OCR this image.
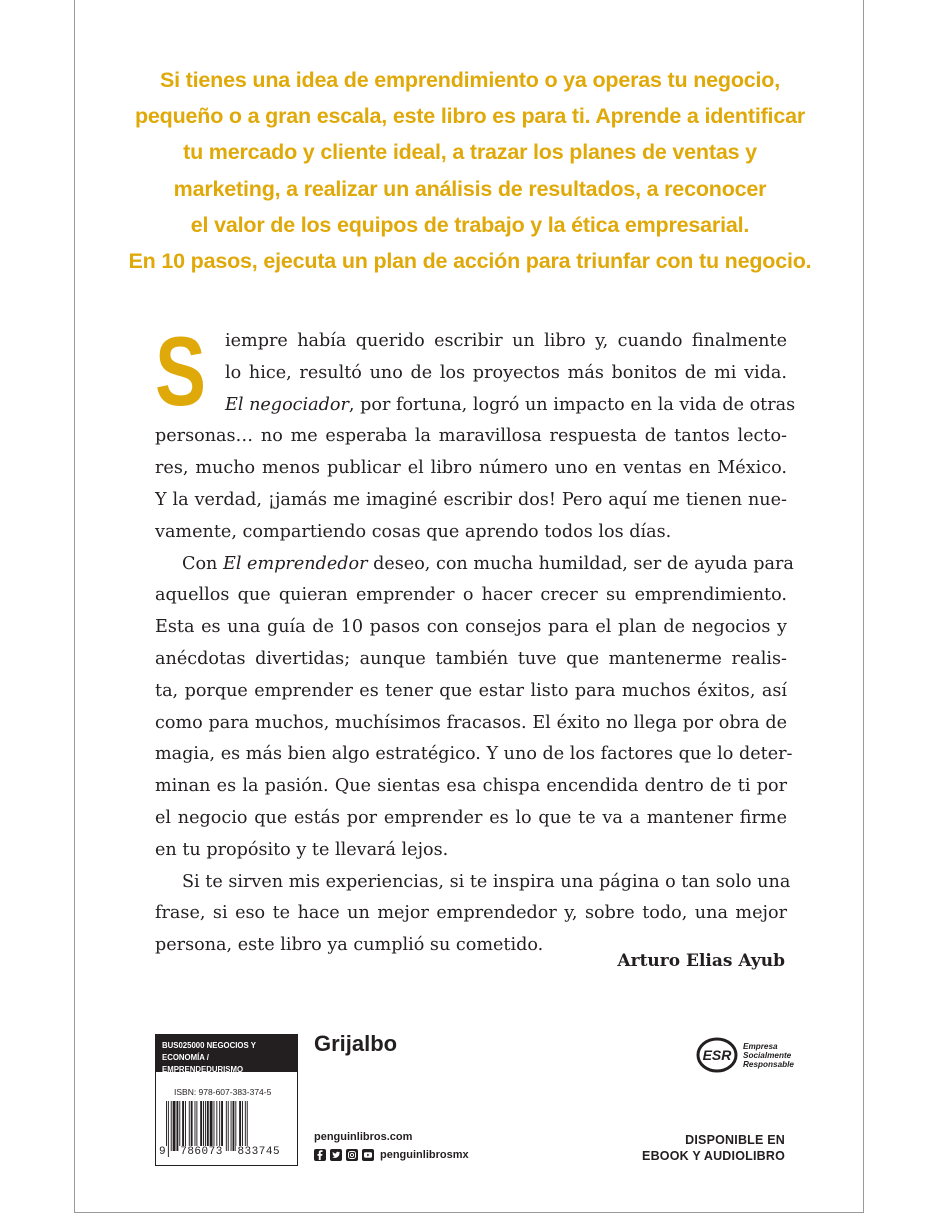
Si tienes una idea de emprendimiento o ya operas tu negocio,
pequeño o a gran escala, este libro es para ti. Aprende a identificar
tu mercado y cliente ideal, a trazar los planes de ventas y
marketing, a realizar un análisis de resultados, a reconocer
el valor de los equipos de trabajo y la ética empresarial.
En 10 pasos, ejecuta un plan de acción para triunfar con tu negocio.
S	iempre había querido escribir un libro y, cuando finalmente
lo hice, resultó uno de los proyectos más bonitos de mi vida.
El negociador, por fortuna, logró un impacto en la vida de otras
personas… no me esperaba la maravillosa respuesta de tantos lecto-
res, mucho menos publicar el libro número uno en ventas en México.
Y la verdad, ¡jamás me imaginé escribir dos! Pero aquí me tienen nue-
vamente, compartiendo cosas que aprendo todos los días.
Con El emprendedor deseo, con mucha humildad, ser de ayuda para
aquellos que quieran emprender o hacer crecer su emprendimiento.
Esta es una guía de 10 pasos con consejos para el plan de negocios y
anécdotas divertidas; aunque también tuve que mantenerme realis-
ta, porque emprender es tener que estar listo para muchos éxitos, así
como para muchos, muchísimos fracasos. El éxito no llega por obra de
magia, es más bien algo estratégico. Y uno de los factores que lo deter-
minan es la pasión. Que sientas esa chispa encendida dentro de ti por
el negocio que estás por emprender es lo que te va a mantener firme
en tu propósito y te llevará lejos.
Si te sirven mis experiencias, si te inspira una página o tan solo una
frase, si eso te hace un mejor emprendedor y, sobre todo, una mejor
persona, este libro ya cumplió su cometido.
Arturo Elias Ayub
BUS025000 NEGOCIOS Y ECONOMÍA /
EMPRENDEDURISMO
ISBN: 978-607-383-374-5
9 786073 833745
Grijalbo
penguinlibros.com
penguinlibrosmx
ESR
Empresa
Socialmente
Responsable
DISPONIBLE EN
EBOOK Y AUDIOLIBRO
